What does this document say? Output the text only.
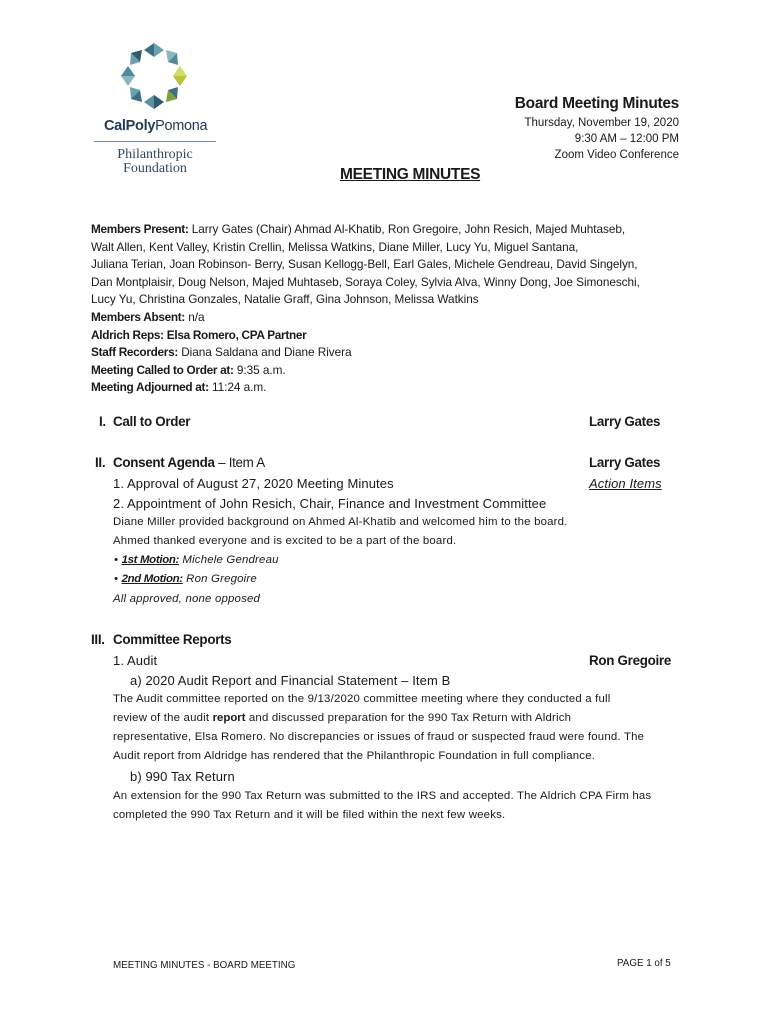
CalPolyPomona
Philanthropic
Foundation
Board Meeting Minutes
Thursday, November 19, 2020
9:30 AM – 12:00 PM
Zoom Video Conference
MEETING MINUTES
Members Present: Larry Gates (Chair) Ahmad Al-Khatib, Ron Gregoire, John Resich, Majed Muhtaseb,
Walt Allen, Kent Valley, Kristin Crellin, Melissa Watkins, Diane Miller, Lucy Yu, Miguel Santana,
Juliana Terian, Joan Robinson- Berry, Susan Kellogg-Bell, Earl Gales, Michele Gendreau, David Singelyn,
Dan Montplaisir, Doug Nelson, Majed Muhtaseb, Soraya Coley, Sylvia Alva, Winny Dong, Joe Simoneschi,
Lucy Yu, Christina Gonzales, Natalie Graff, Gina Johnson, Melissa Watkins
Members Absent: n/a
Aldrich Reps: Elsa Romero, CPA Partner
Staff Recorders: Diana Saldana and Diane Rivera
Meeting Called to Order at: 9:35 a.m.
Meeting Adjourned at: 11:24 a.m.
I. Call to Order	Larry Gates
II. Consent Agenda – Item A	Larry Gates
1. Approval of August 27, 2020 Meeting Minutes	Action Items
2. Appointment of John Resich, Chair, Finance and Investment Committee
Diane Miller provided background on Ahmed Al-Khatib and welcomed him to the board.
Ahmed thanked everyone and is excited to be a part of the board.
• 1st Motion: Michele Gendreau
• 2nd Motion: Ron Gregoire
All approved, none opposed
III. Committee Reports
1. Audit	Ron Gregoire
a) 2020 Audit Report and Financial Statement – Item B
The Audit committee reported on the 9/13/2020 committee meeting where they conducted a full
review of the audit report and discussed preparation for the 990 Tax Return with Aldrich
representative, Elsa Romero. No discrepancies or issues of fraud or suspected fraud were found. The
Audit report from Aldridge has rendered that the Philanthropic Foundation in full compliance.
b) 990 Tax Return
An extension for the 990 Tax Return was submitted to the IRS and accepted. The Aldrich CPA Firm has
completed the 990 Tax Return and it will be filed within the next few weeks.
MEETING MINUTES - BOARD MEETING	PAGE 1 of 5
